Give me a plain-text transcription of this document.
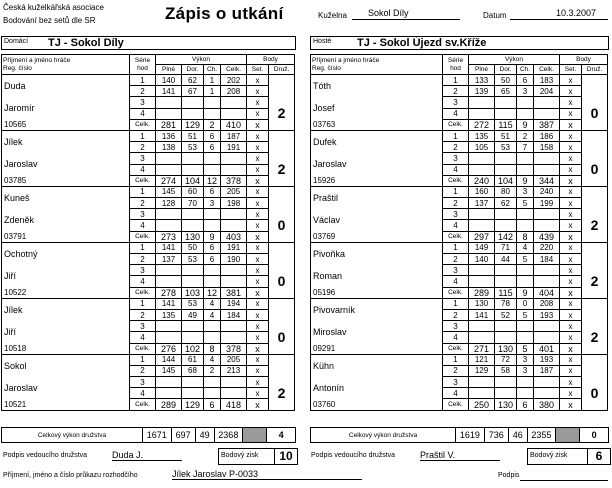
Česká kuželkářská asociace
Bodování bez setů dle SR	Zápis o utkání	Kuželna	Sokol Díly	Datum	10.3.2007
Domácí TJ - Sokol Díly	Hosté TJ - Sokol Újezd sv.Kříže
Příjmení a jméno hráče
Reg. číslo	Série hod	Výkon				Body	
		Plné	Dor.	Ch.	Celk.	Set.	Druž.
Duda	1	140	62	1	202	x	
	2	141	67	1	208	x	
Jaromír	3					x	2
	4					x	
10565	Celk.	281	129	2	410	x	
Jílek	1	136	51	6	187	x	
	2	138	53	6	191	x	
Jaroslav	3					x	2
	4					x	
03785	Celk.	274	104	12	378	x	
Kuneš	1	145	60	6	205	x	
	2	128	70	3	198	x	
Zdeněk	3					x	0
	4					x	
03791	Celk.	273	130	9	403	x	
Ochotný	1	141	50	6	191	x	
	2	137	53	6	190	x	
Jiří	3					x	0
	4					x	
10522	Celk.	278	103	12	381	x	
Jílek	1	141	53	4	194	x	
	2	135	49	4	184	x	
Jiří	3					x	0
	4					x	
10518	Celk.	276	102	8	378	x	
Sokol	1	144	61	4	205	x	
	2	145	68	2	213	x	
Jaroslav	3					x	2
	4					x	
10521	Celk.	289	129	6	418	x	
Příjmení a jméno hráče
Reg. číslo	Série hod	Výkon				Body	
		Plné	Dor.	Ch.	Celk.	Set.	Druž.
Tóth	1	133	50	6	183	x	
	2	139	65	3	204	x	
Josef	3					x	0
	4					x	
03763	Celk.	272	115	9	387	x	
Dufek	1	135	51	2	186	x	
	2	105	53	7	158	x	
Jaroslav	3					x	0
	4					x	
15926	Celk.	240	104	9	344	x	
Praštil	1	160	80	3	240	x	
	2	137	62	5	199	x	
Václav	3					x	2
	4					x	
03769	Celk.	297	142	8	439	x	
Pivoňka	1	149	71	4	220	x	
	2	140	44	5	184	x	
Roman	3					x	2
	4					x	
05196	Celk.	289	115	9	404	x	
Pivovarník	1	130	78	0	208	x	
	2	141	52	5	193	x	
Miroslav	3					x	2
	4					x	
09291	Celk.	271	130	5	401	x	
Kühn	1	121	72	3	193	x	
	2	129	58	3	187	x	
Antonín	3					x	0
	4					x	
03760	Celk.	250	130	6	380	x	
Celkový výkon družstva	1671	697	49	2368		4	Celkový výkon družstva	1619	736	46	2355		0
Podpis vedoucího družstva	Duda J.	Bodový zisk	10	Podpis vedoucího družstva	Praštil V.	Bodový zisk	6
Příjmení, jméno a číslo průkazu rozhodčího	Jílek Jaroslav P-0033	Podpis
